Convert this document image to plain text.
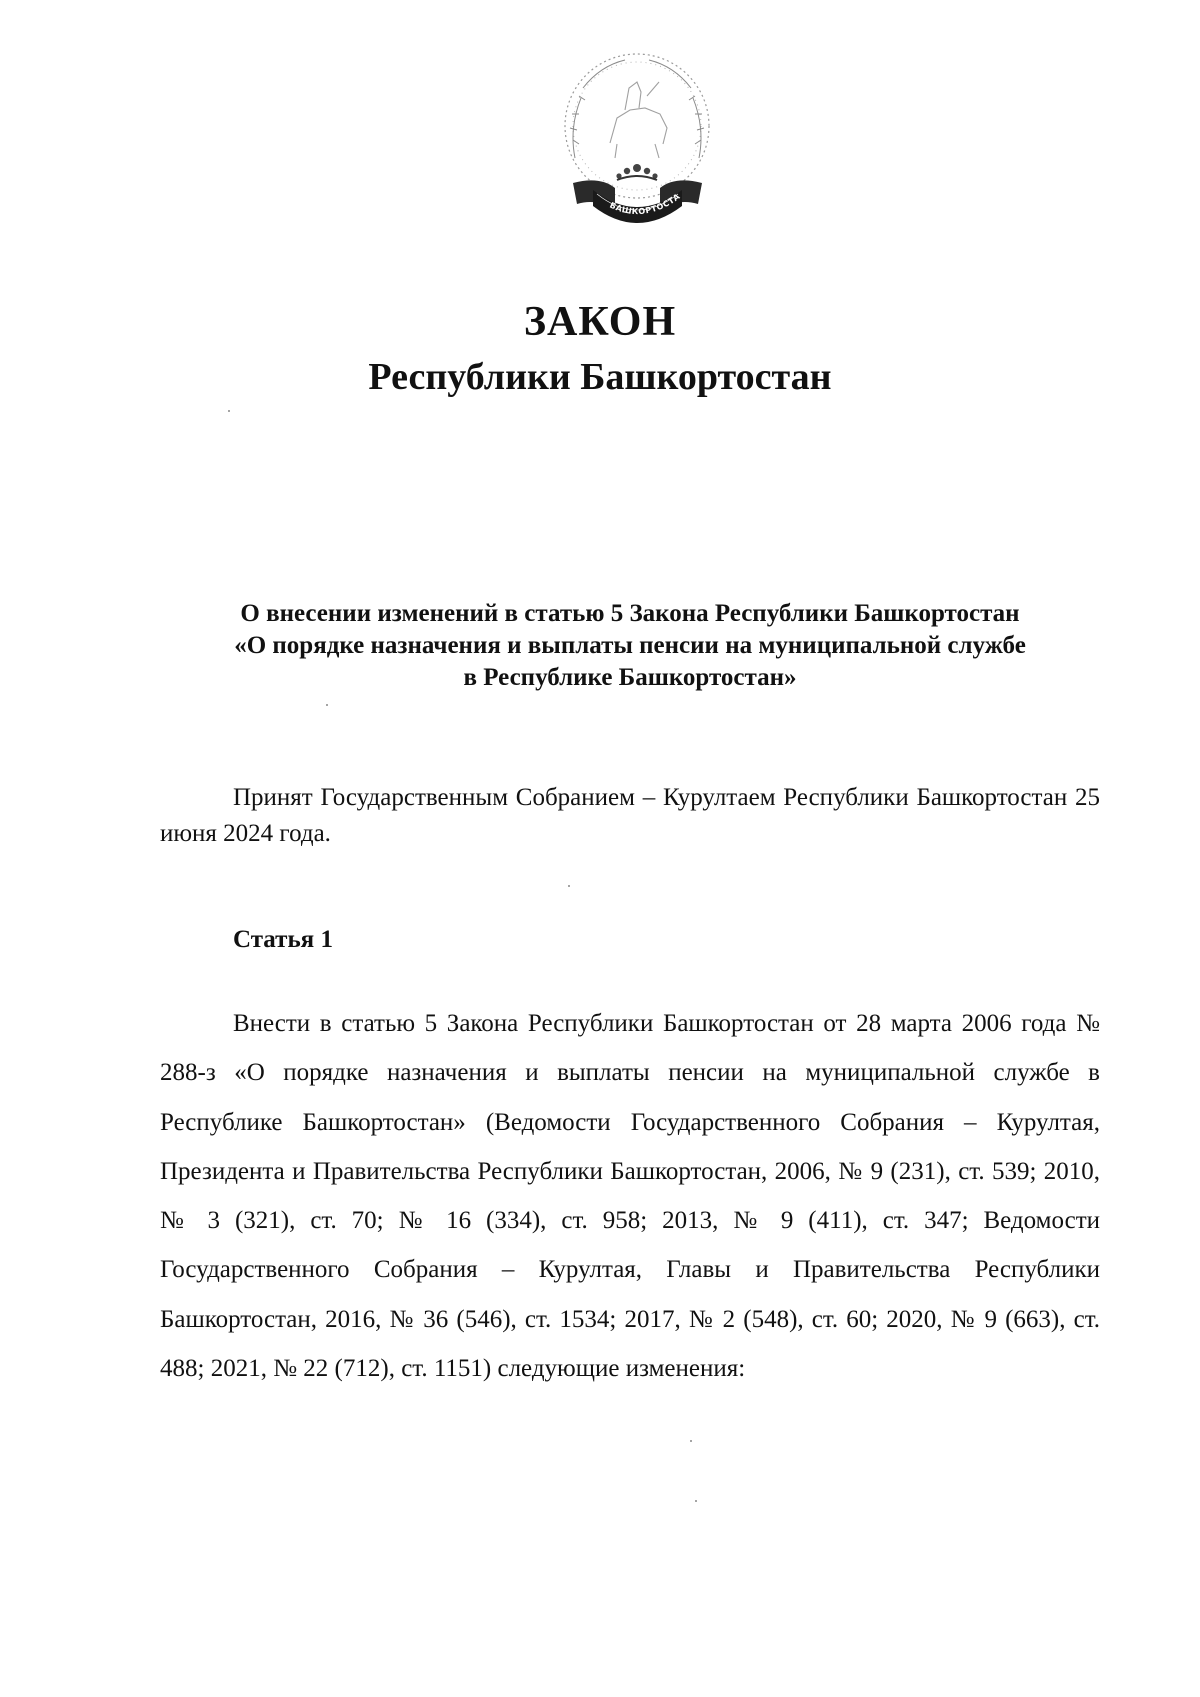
БАШКОРТОСТА
ЗАКОН
Республики Башкортостан
О внесении изменений в статью 5 Закона Республики Башкортостан
«О порядке назначения и выплаты пенсии на муниципальной службе
в Республике Башкортостан»
Принят Государственным Собранием – Курултаем Республики Башкортостан 25 июня 2024 года.
Статья 1
Внести в статью 5 Закона Республики Башкортостан от 28 марта 2006 года № 288-з «О порядке назначения и выплаты пенсии на муниципальной службе в Республике Башкортостан» (Ведомости Государственного Собрания – Курултая, Президента и Правительства Республики Башкортостан, 2006, № 9 (231), ст. 539; 2010, № 3 (321), ст. 70; № 16 (334), ст. 958; 2013, № 9 (411), ст. 347; Ведомости Государственного Собрания – Курултая, Главы и Правительства Республики Башкортостан, 2016, № 36 (546), ст. 1534; 2017, № 2 (548), ст. 60; 2020, № 9 (663), ст. 488; 2021, № 22 (712), ст. 1151) следующие изменения:
